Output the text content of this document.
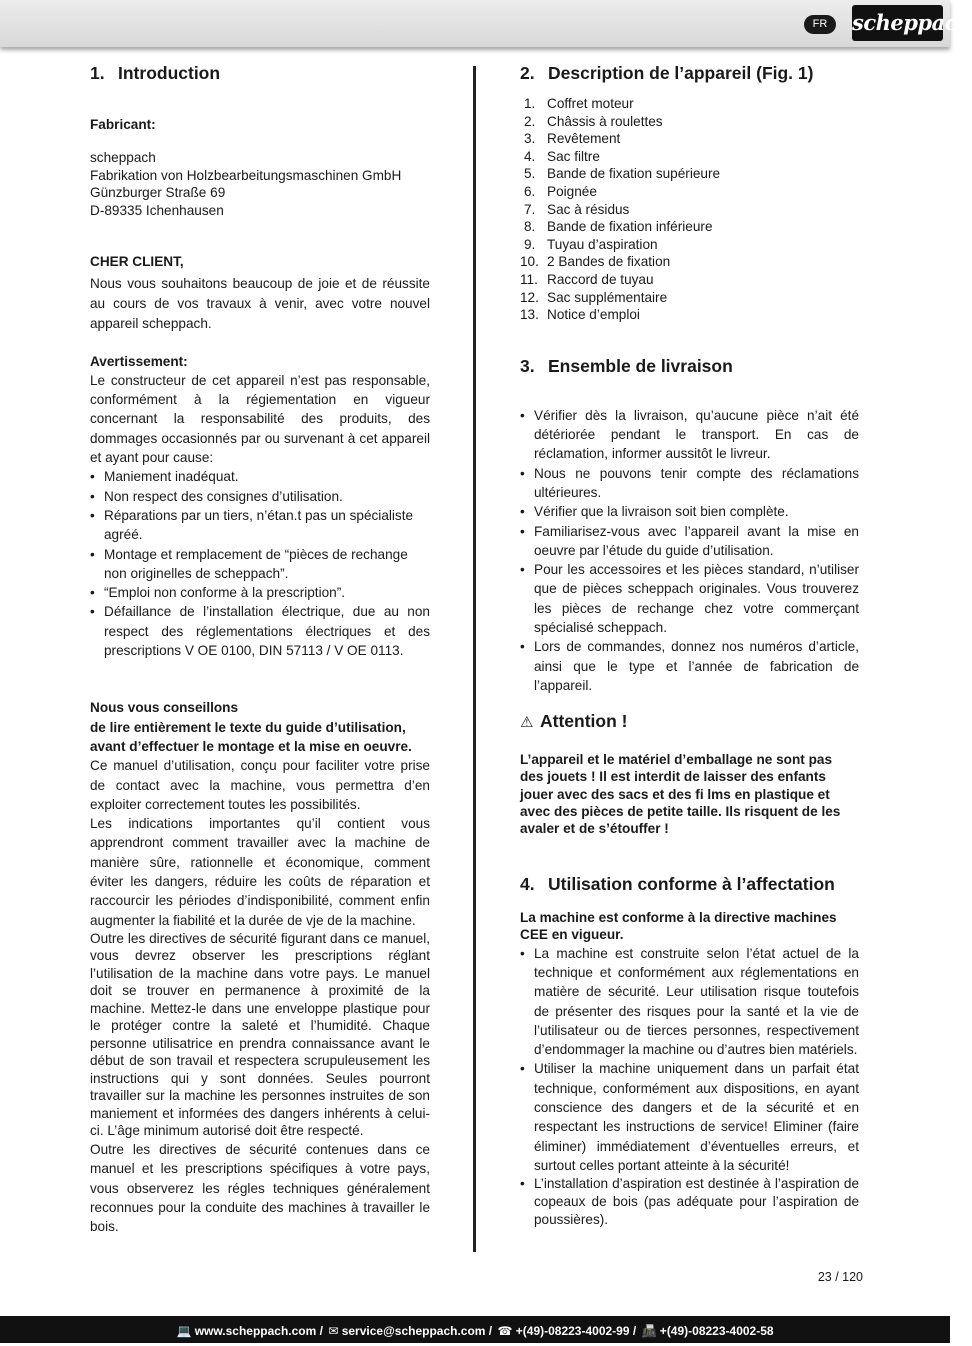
FR	scheppach
1. Introduction

Fabricant:

scheppach

Fabrikation von Holzbearbeitungsmaschinen GmbH

Günzburger Straße 69

D-89335 Ichenhausen

CHER CLIENT,

Nous vous souhaitons beaucoup de joie et de réussite au cours de vos travaux à venir, avec votre nouvel appareil scheppach.

Avertissement:

Le constructeur de cet appareil n’est pas responsable, conformément à la régiementation en vigueur concernant la responsabilité des produits, des dommages occasionnés par ou survenant à cet appareil et ayant pour cause:

• Maniement inadéquat.
• Non respect des consignes d’utilisation.
• Réparations par un tiers, n’étan.t pas un spécialiste agréé.
• Montage et remplacement de “pièces de rechange non originelles de scheppach”.
• “Emploi non conforme à la prescription”.
• Défaillance de l’installation électrique, due au non respect des réglementations électriques et des prescriptions V OE 0100, DIN 57113 / V OE 0113.

Nous vous conseillons

de lire entièrement le texte du guide d’utilisation, avant d’effectuer le montage et la mise en oeuvre.

Ce manuel d’utilisation, conçu pour faciliter votre prise de contact avec la machine, vous permettra d’en exploiter correctement toutes les possibilités.

Les indications importantes qu’il contient vous apprendront comment travailler avec la machine de manière sûre, rationnelle et économique, comment éviter les dangers, réduire les coûts de réparation et raccourcir les périodes d’indisponibilité, comment enfin augmenter la fiabilité et la durée de vje de la machine.

Outre les directives de sécurité figurant dans ce manuel, vous devrez observer les prescriptions réglant l’utilisation de la machine dans votre pays. Le manuel doit se trouver en permanence à proximité de la machine. Mettez-le dans une enveloppe plastique pour le protéger contre la saleté et l’humidité. Chaque personne utilisatrice en prendra connaissance avant le début de son travail et respectera scrupuleusement les instructions qui y sont données. Seules pourront travailler sur la machine les personnes instruites de son maniement et informées des dangers inhérents à celui-ci. L’âge minimum autorisé doit être respecté.

Outre les directives de sécurité contenues dans ce manuel et les prescriptions spécifiques à votre pays, vous observerez les régles techniques généralement reconnues pour la conduite des machines à travailler le bois.

2. Description de l’appareil (Fig. 1)
1. Coffret moteur
2. Châssis à roulettes
3. Revêtement
4. Sac filtre
5. Bande de fixation supérieure
6. Poignée
7. Sac à résidus
8. Bande de fixation inférieure
9. Tuyau d’aspiration
10. 2 Bandes de fixation
11. Raccord de tuyau
12. Sac supplémentaire
13. Notice d’emploi
3. Ensemble de livraison
• Vérifier dès la livraison, qu’aucune pièce n’ait été détériorée pendant le transport. En cas de réclamation, informer aussitôt le livreur.
• Nous ne pouvons tenir compte des réclamations ultérieures.
• Vérifier que la livraison soit bien complète.
• Familiarisez-vous avec l’appareil avant la mise en oeuvre par l’étude du guide d’utilisation.
• Pour les accessoires et les pièces standard, n’utiliser que de pièces scheppach originales. Vous trouverez les pièces de rechange chez votre commerçant spécialisé scheppach.
• Lors de commandes, donnez nos numéros d’article, ainsi que le type et l’année de fabrication de l’appareil.
⚠ Attention !

L’appareil et le matériel d’emballage ne sont pas des jouets ! Il est interdit de laisser des enfants jouer avec des sacs et des fi lms en plastique et avec des pièces de petite taille. Ils risquent de les avaler et de s’étouffer !

4. Utilisation conforme à l’affectation

La machine est conforme à la directive machines CEE en vigueur.

• La machine est construite selon l’état actuel de la technique et conformément aux réglementations en matière de sécurité. Leur utilisation risque toutefois de présenter des risques pour la santé et la vie de l’utilisateur ou de tierces personnes, respectivement d’endommager la machine ou d’autres bien matériels.
• Utiliser la machine uniquement dans un parfait état technique, conformément aux dispositions, en ayant conscience des dangers et de la sécurité et en respectant les instructions de service! Eliminer (faire éliminer) immédiatement d’éventuelles erreurs, et surtout celles portant atteinte à la sécurité!
• L’installation d’aspiration est destinée à l’aspiration de copeaux de bois (pas adéquate pour l’aspiration de poussières).
23 / 120
💻 www.scheppach.com / ✉ service@scheppach.com / ☎ +(49)-08223-4002-99 / 📠 +(49)-08223-4002-58
